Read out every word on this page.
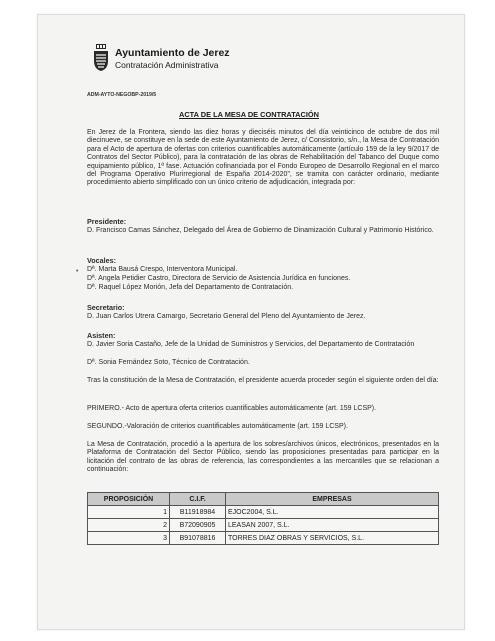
Ayuntamiento de Jerez
Contratación Administrativa
ADM-AYTO-NEGOBP-2019/5
ACTA DE LA MESA DE CONTRATACIÓN
En Jerez de la Frontera, siendo las diez horas y dieciséis minutos del día veinticinco de octubre de dos mil diecinueve, se constituye en la sede de este Ayuntamiento de Jerez, c/ Consistorio, s/n., la Mesa de Contratación para el Acto de apertura de ofertas con criterios cuantificables automáticamente (artículo 159 de la ley 9/2017 de Contratos del Sector Público), para la contratación de las obras de Rehabilitación del Tabanco del Duque como equipamiento público, 1ª fase. Actuación cofinanciada por el Fondo Europeo de Desarrollo Regional en el marco del Programa Operativo Plurirregional de España 2014-2020", se tramita con carácter ordinario, mediante procedimiento abierto simplificado con un único criterio de adjudicación, integrada por:
Presidente:
D. Francisco Camas Sánchez, Delegado del Área de Gobierno de Dinamización Cultural y Patrimonio Histórico.
Vocales:
• Dª. Marta Bausá Crespo, Interventora Municipal.
Dª. Angela Petidier Castro, Directora de Servicio de Asistencia Jurídica en funciones.
Dª. Raquel López Morión, Jefa del Departamento de Contratación.
Secretario:
D. Juan Carlos Utrera Camargo, Secretario General del Pleno del Ayuntamiento de Jerez.
Asisten:
D. Javier Soria Castaño, Jefe de la Unidad de Suministros y Servicios, del Departamento de Contratación
Dª. Sonia Fernández Soto, Técnico de Contratación.
Tras la constitución de la Mesa de Contratación, el presidente acuerda proceder según el siguiente orden del día:
PRIMERO.- Acto de apertura oferta criterios cuantificables automáticamente (art. 159 LCSP).
SEGUNDO.-Valoración de criterios cuantificables automáticamente (art. 159 LCSP).
La Mesa de Contratación, procedió a la apertura de los sobres/archivos únicos, electrónicos, presentados en la Plataforma de Contratación del Sector Público, siendo las proposiciones presentadas para participar en la licitación del contrato de las obras de referencia, las correspondientes a las mercantiles que se relacionan a continuación:
PROPOSICIÓN	C.I.F.	EMPRESAS
1	B11918984	EJOC2004, S.L.
2	B72090905	LEASAN 2007, S.L.
3	B91078816	TORRES DIAZ OBRAS Y SERVICIOS, S.L.
